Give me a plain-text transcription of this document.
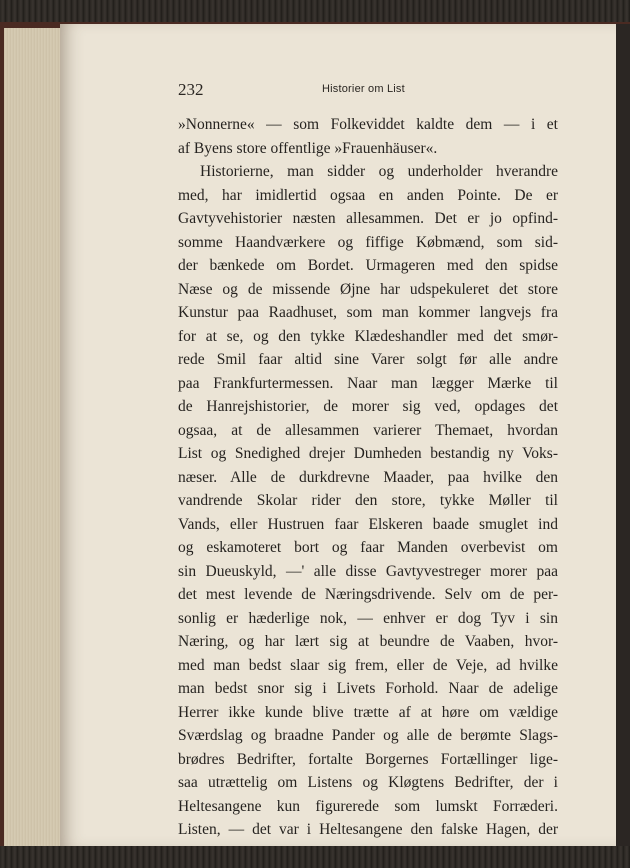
232	Historier om List
»Nonnerne« — som Folkeviddet kaldte dem — i et
af Byens store offentlige »Frauenhäuser«.
Historierne, man sidder og underholder hverandre
med, har imidlertid ogsaa en anden Pointe. De er
Gavtyvehistorier næsten allesammen. Det er jo opfind-
somme Haandværkere og fiffige Købmænd, som sid-
der bænkede om Bordet. Urmageren med den spidse
Næse og de missende Øjne har udspekuleret det store
Kunstur paa Raadhuset, som man kommer langvejs fra
for at se, og den tykke Klædeshandler med det smør-
rede Smil faar altid sine Varer solgt før alle andre
paa Frankfurtermessen. Naar man lægger Mærke til
de Hanrejshistorier, de morer sig ved, opdages det
ogsaa, at de allesammen varierer Themaet, hvordan
List og Snedighed drejer Dumheden bestandig ny Voks-
næser. Alle de durkdrevne Maader, paa hvilke den
vandrende Skolar rider den store, tykke Møller til
Vands, eller Hustruen faar Elskeren baade smuglet ind
og eskamoteret bort og faar Manden overbevist om
sin Dueuskyld, —' alle disse Gavtyvestreger morer paa
det mest levende de Næringsdrivende. Selv om de per-
sonlig er hæderlige nok, — enhver er dog Tyv i sin
Næring, og har lært sig at beundre de Vaaben, hvor-
med man bedst slaar sig frem, eller de Veje, ad hvilke
man bedst snor sig i Livets Forhold. Naar de adelige
Herrer ikke kunde blive trætte af at høre om vældige
Sværdslag og braadne Pander og alle de berømte Slags-
brødres Bedrifter, fortalte Borgernes Fortællinger lige-
saa utrættelig om Listens og Kløgtens Bedrifter, der i
Heltesangene kun figurerede som lumskt Forræderi.
Listen, — det var i Heltesangene den falske Hagen, der
